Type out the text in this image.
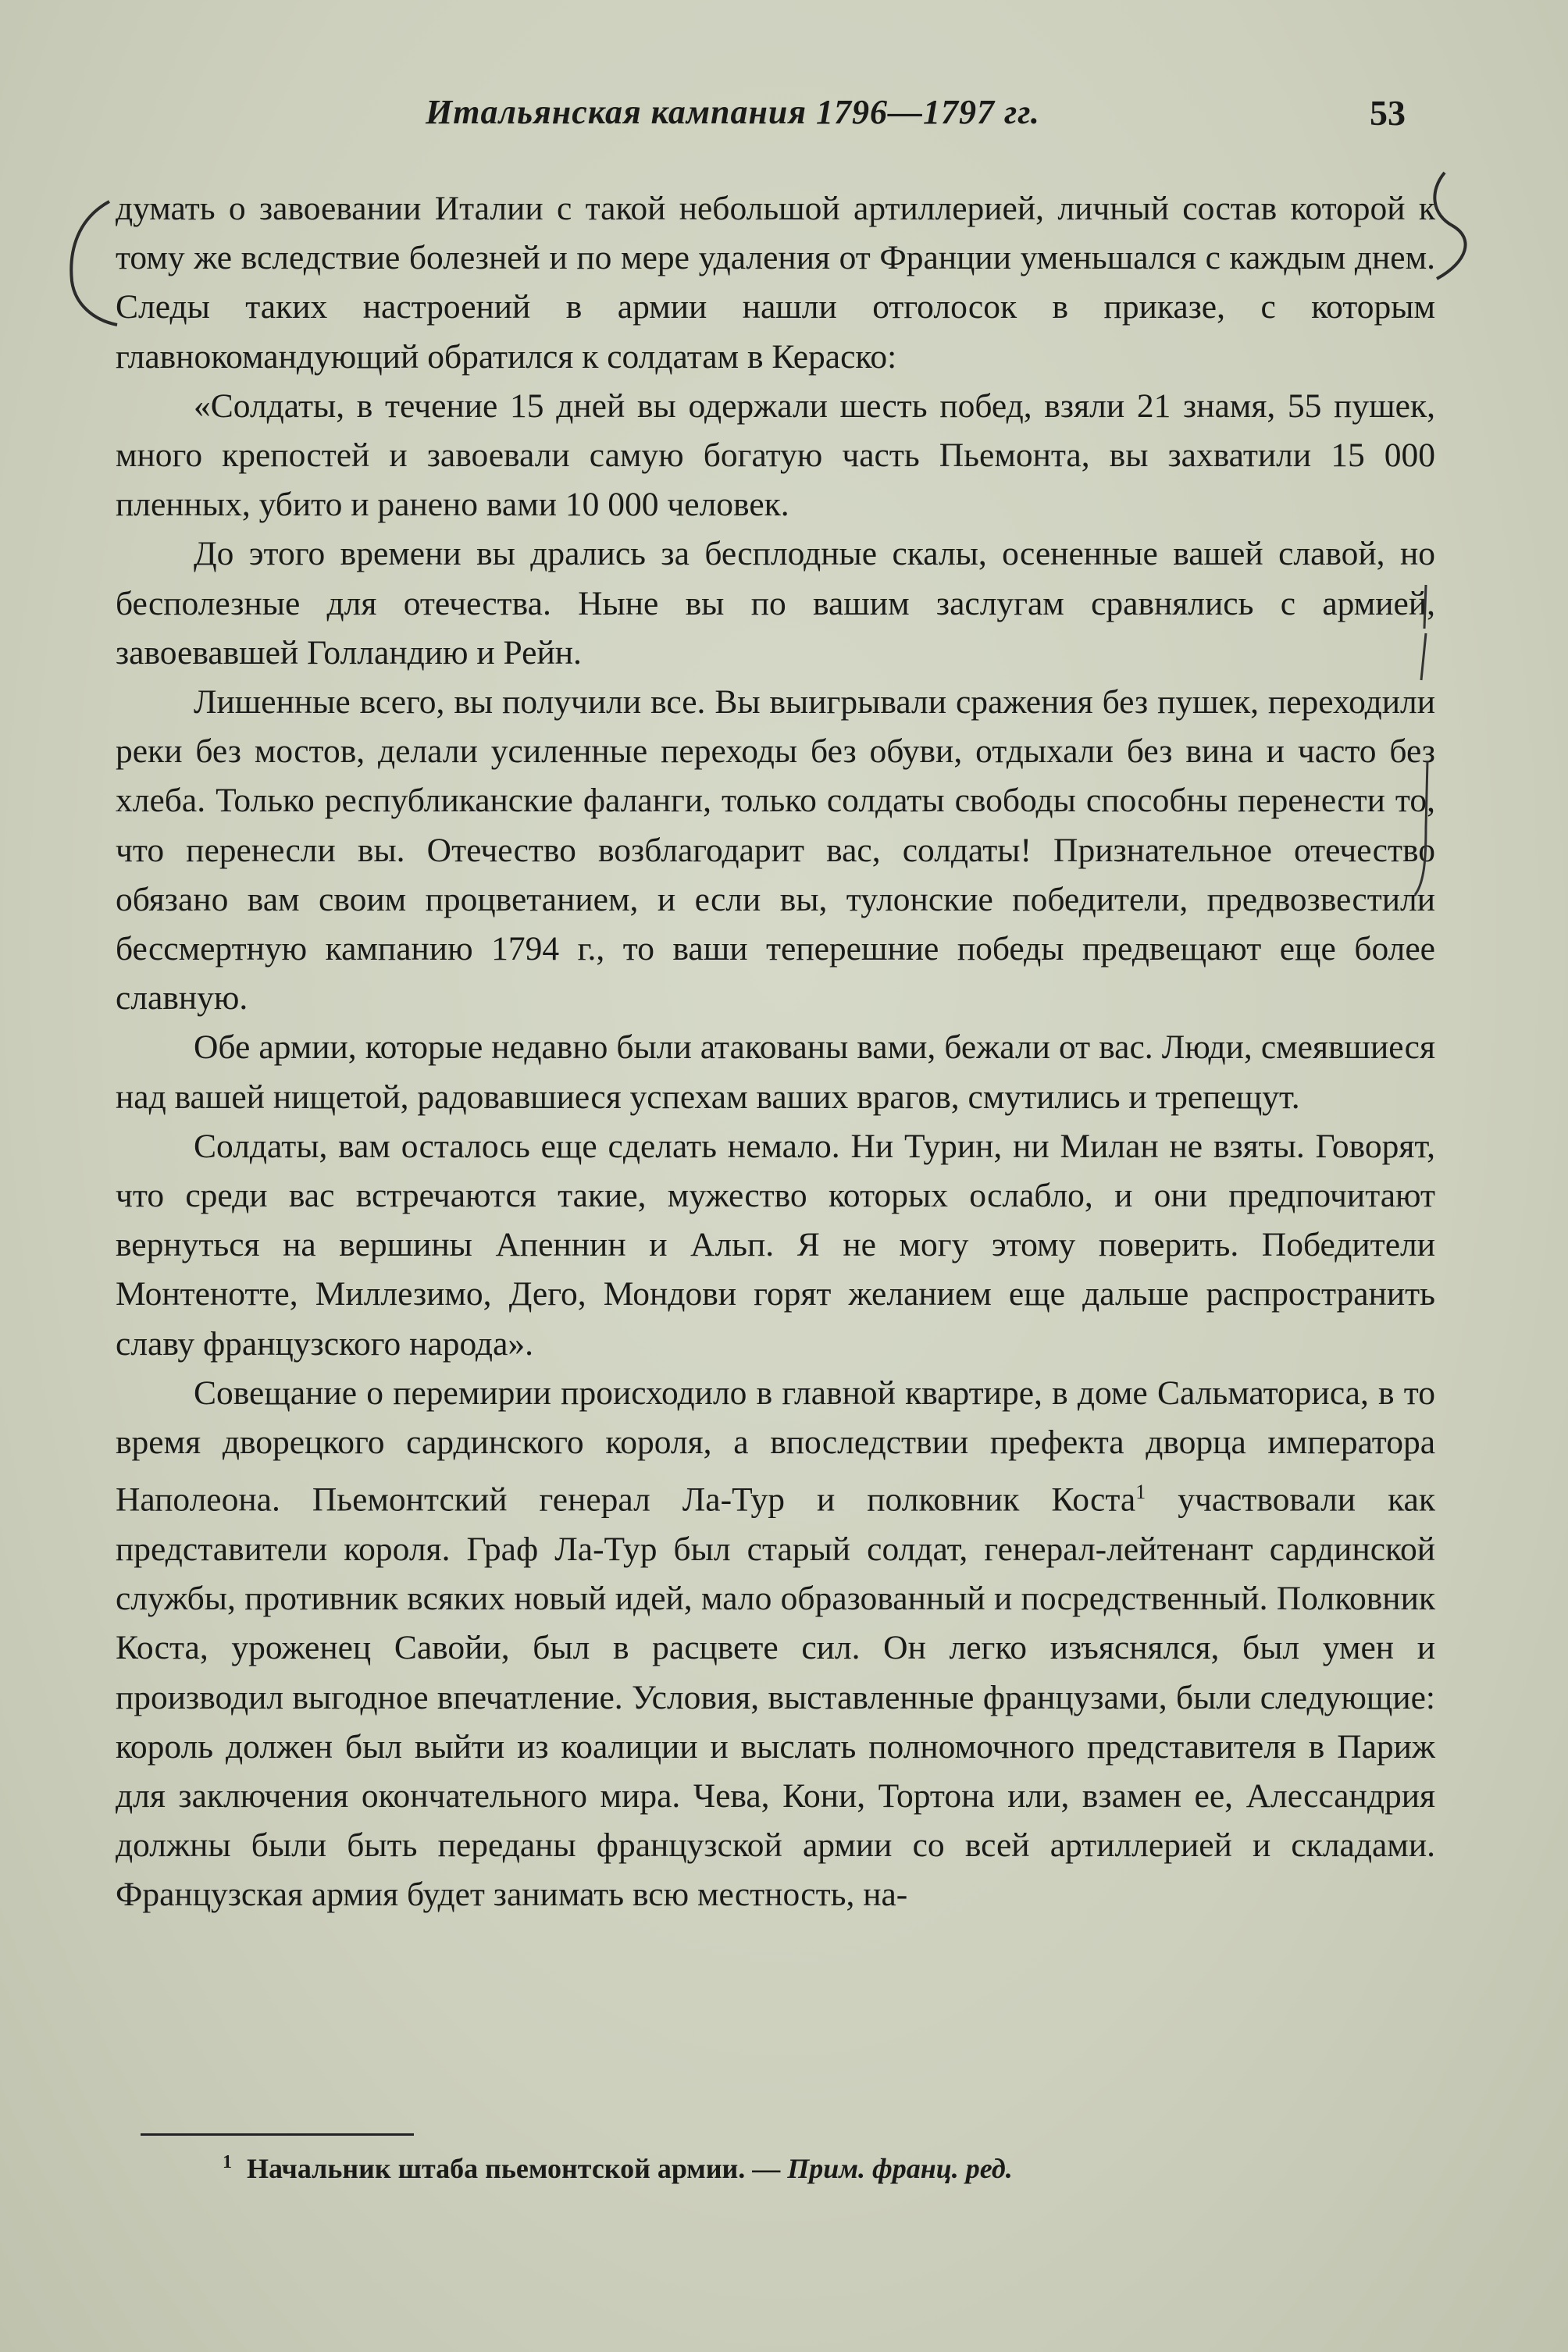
Итальянская кампания 1796—1797 гг.	53

думать о завоевании Италии с такой небольшой артиллерией, личный состав которой к тому же вследствие болезней и по мере удаления от Франции уменьшался с каждым днем. Следы таких настроений в армии нашли отголосок в приказе, с которым главнокомандующий обратился к солдатам в Кераско:

«Солдаты, в течение 15 дней вы одержали шесть побед, взяли 21 знамя, 55 пушек, много крепостей и завоевали самую богатую часть Пьемонта, вы захватили 15 000 пленных, убито и ранено вами 10 000 человек.

До этого времени вы дрались за бесплодные скалы, осененные вашей славой, но бесполезные для отечества. Ныне вы по вашим заслугам сравнялись с армией, завоевавшей Голландию и Рейн.

Лишенные всего, вы получили все. Вы выигрывали сражения без пушек, переходили реки без мостов, делали усиленные переходы без обуви, отдыхали без вина и часто без хлеба. Только республиканские фаланги, только солдаты свободы способны перенести то, что перенесли вы. Отечество возблагодарит вас, солдаты! Признательное отечество обязано вам своим процветанием, и если вы, тулонские победители, предвозвестили бессмертную кампанию 1794 г., то ваши теперешние победы предвещают еще более славную.

Обе армии, которые недавно были атакованы вами, бежали от вас. Люди, смеявшиеся над вашей нищетой, радовавшиеся успехам ваших врагов, смутились и трепещут.

Солдаты, вам осталось еще сделать немало. Ни Турин, ни Милан не взяты. Говорят, что среди вас встречаются такие, мужество которых ослабло, и они предпочитают вернуться на вершины Апеннин и Альп. Я не могу этому поверить. Победители Монтенотте, Миллезимо, Дего, Мондови горят желанием еще дальше распространить славу французского народа».

Совещание о перемирии происходило в главной квартире, в доме Сальматориса, в то время дворецкого сардинского короля, а впоследствии префекта дворца императора Наполеона. Пьемонтский генерал Ла-Тур и полковник Коста$^1$ участвовали как представители короля. Граф Ла-Тур был старый солдат, генерал-лейтенант сардинской службы, противник всяких новый идей, мало образованный и посредственный. Полковник Коста, уроженец Савойи, был в расцвете сил. Он легко изъяснялся, был умен и производил выгодное впечатление. Условия, выставленные французами, были следующие: король должен был выйти из коалиции и выслать полномочного представителя в Париж для заключения окончательного мира. Чева, Кони, Тортона или, взамен ее, Алессандрия должны были быть переданы французской армии со всей артиллерией и складами. Французская армия будет занимать всю местность, на-

$^1$ Начальник штаба пьемонтской армии. — Прим. франц. ред.
